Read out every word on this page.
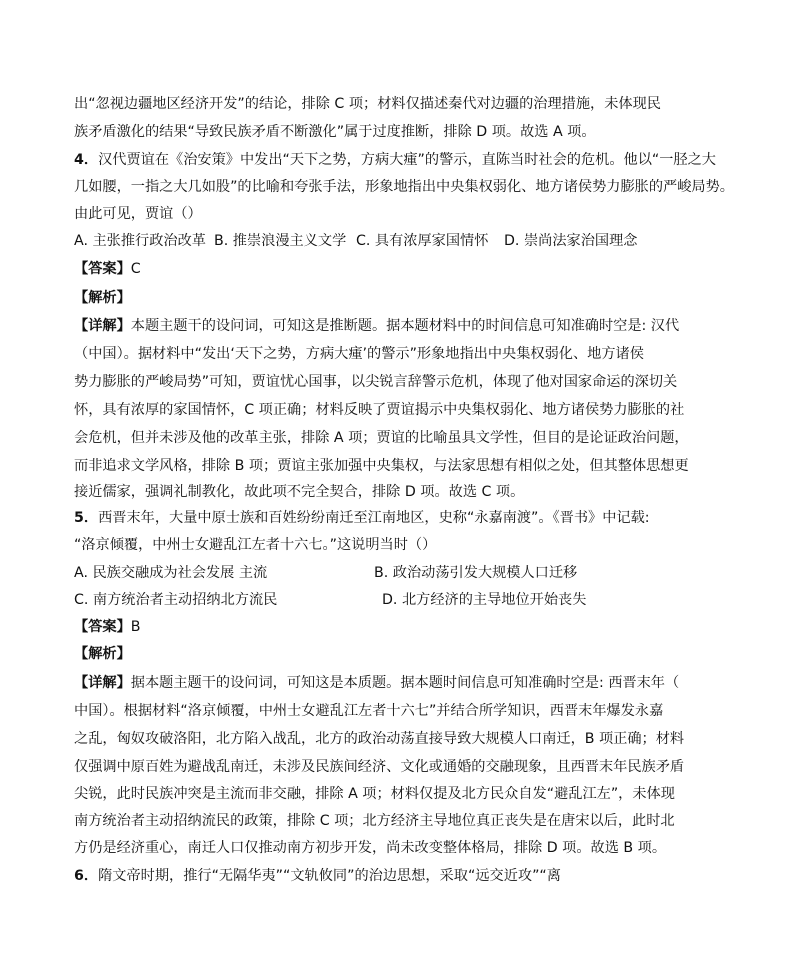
出“忽视边疆地区经济开发”的结论，排除 C 项；材料仅描述秦代对边疆的治理措施，未体现民
族矛盾激化的结果“导致民族矛盾不断激化”属于过度推断，排除 D 项。故选 A 项。
4．汉代贾谊在《治安策》中发出“天下之势，方病大瘇”的警示，直陈当时社会的危机。他以“一胫之大
几如腰，一指之大几如股”的比喻和夸张手法，形象地指出中央集权弱化、地方诸侯势力膨胀的严峻局势。
由此可见，贾谊（）
A. 主张推行政治改革 B. 推崇浪漫主义文学 C. 具有浓厚家国情怀 D. 崇尚法家治国理念
【答案】C
【解析】
【详解】本题主题干的设问词，可知这是推断题。据本题材料中的时间信息可知准确时空是: 汉代
（中国）。据材料中“发出‘天下之势，方病大瘇’的警示”形象地指出中央集权弱化、地方诸侯
势力膨胀的严峻局势”可知，贾谊忧心国事，以尖锐言辞警示危机，体现了他对国家命运的深切关
怀，具有浓厚的家国情怀，C 项正确；材料反映了贾谊揭示中央集权弱化、地方诸侯势力膨胀的社
会危机，但并未涉及他的改革主张，排除 A 项；贾谊的比喻虽具文学性，但目的是论证政治问题，
而非追求文学风格，排除 B 项；贾谊主张加强中央集权，与法家思想有相似之处，但其整体思想更
接近儒家，强调礼制教化，故此项不完全契合，排除 D 项。故选 C 项。
5．西晋末年，大量中原士族和百姓纷纷南迁至江南地区，史称“永嘉南渡”。《晋书》中记载:
“洛京倾覆，中州士女避乱江左者十六七。”这说明当时（）
A. 民族交融成为社会发展 主流	B. 政治动荡引发大规模人口迁移
C. 南方统治者主动招纳北方流民	D. 北方经济的主导地位开始丧失
【答案】B
【解析】
【详解】据本题主题干的设问词，可知这是本质题。据本题时间信息可知准确时空是: 西晋末年（
中国）。根据材料“洛京倾覆，中州士女避乱江左者十六七”并结合所学知识，西晋末年爆发永嘉
之乱，匈奴攻破洛阳，北方陷入战乱，北方的政治动荡直接导致大规模人口南迁，B 项正确；材料
仅强调中原百姓为避战乱南迁，未涉及民族间经济、文化或通婚的交融现象，且西晋末年民族矛盾
尖锐，此时民族冲突是主流而非交融，排除 A 项；材料仅提及北方民众自发“避乱江左”，未体现
南方统治者主动招纳流民的政策，排除 C 项；北方经济主导地位真正丧失是在唐宋以后，此时北
方仍是经济重心，南迁人口仅推动南方初步开发，尚未改变整体格局，排除 D 项。故选 B 项。
6．隋文帝时期，推行“无隔华夷”“文轨攸同”的治边思想，采取“远交近攻”“离
